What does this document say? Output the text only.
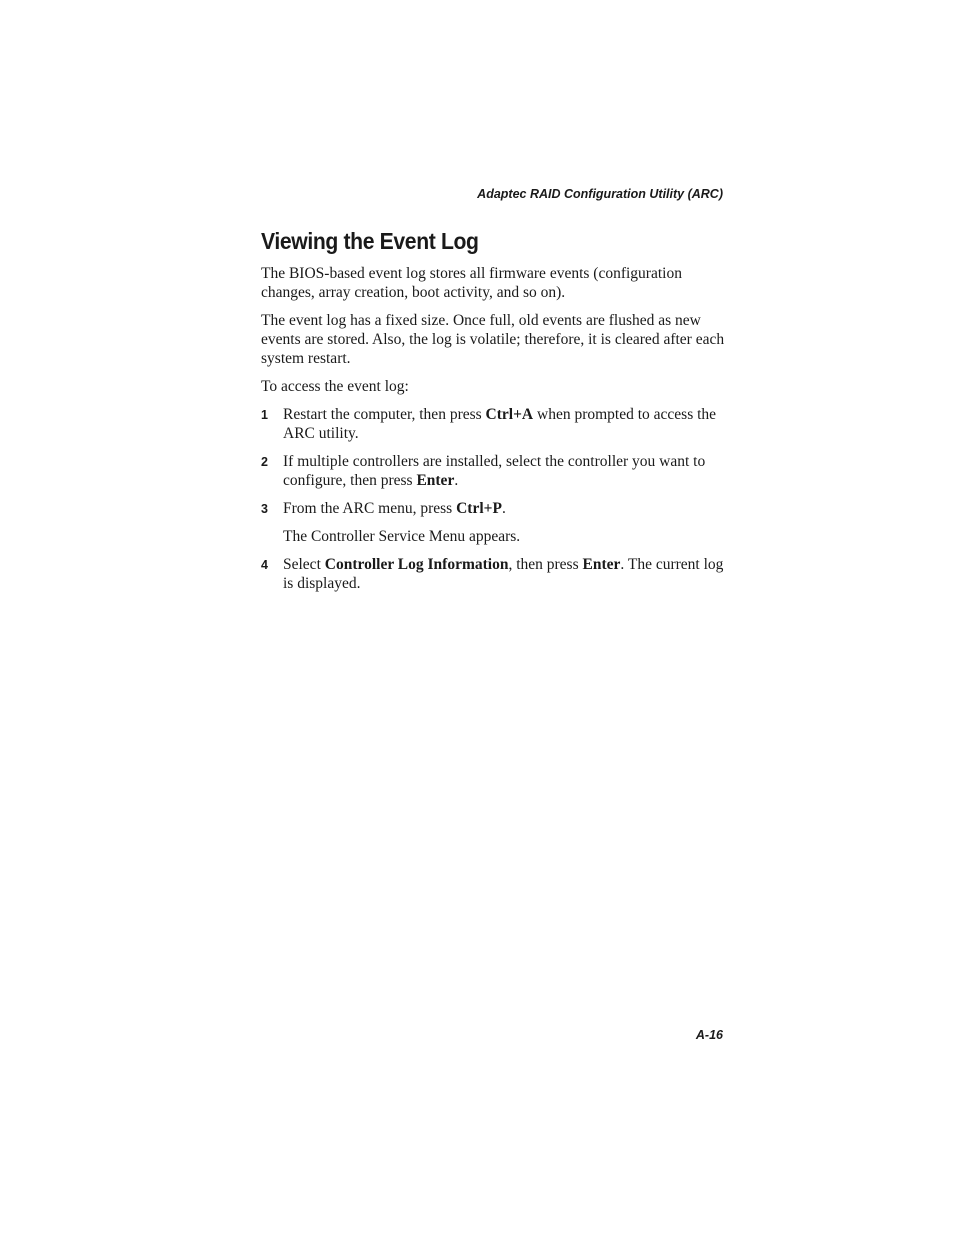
Adaptec RAID Configuration Utility (ARC)
Viewing the Event Log

The BIOS-based event log stores all firmware events (configuration changes, array creation, boot activity, and so on).

The event log has a fixed size. Once full, old events are flushed as new events are stored. Also, the log is volatile; therefore, it is cleared after each system restart.

To access the event log:

1 Restart the computer, then press Ctrl+A when prompted to access the ARC utility.
2 If multiple controllers are installed, select the controller you want to configure, then press Enter.
3 From the ARC menu, press Ctrl+P.
The Controller Service Menu appears.
4 Select Controller Log Information, then press Enter. The current log is displayed.
A-16
